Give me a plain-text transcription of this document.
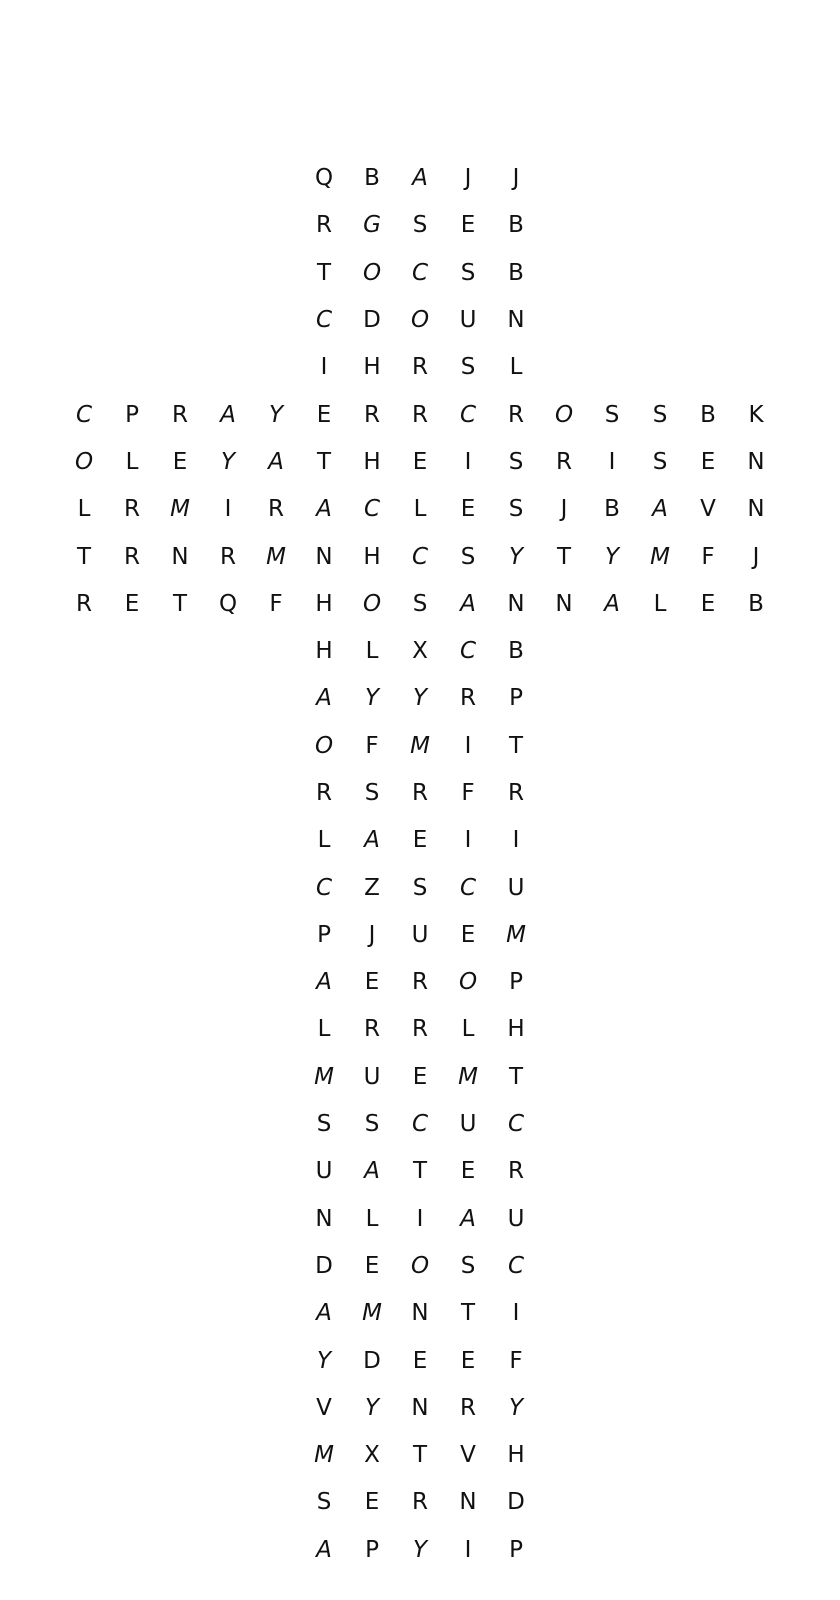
Q	B	A	J	J
R	G	S	E	B
T	O	C	S	B
C	D	O	U	N
I	H	R	S	L
C	P	R	A	Y	E	R	R	C	R	O	S	S	B	K
O	L	E	Y	A	T	H	E	I	S	R	I	S	E	N
L	R	M	I	R	A	C	L	E	S	J	B	A	V	N
T	R	N	R	M	N	H	C	S	Y	T	Y	M	F	J
R	E	T	Q	F	H	O	S	A	N	N	A	L	E	B
H	L	X	C	B
A	Y	Y	R	P
O	F	M	I	T
R	S	R	F	R
L	A	E	I	I
C	Z	S	C	U
P	J	U	E	M
A	E	R	O	P
L	R	R	L	H
M	U	E	M	T
S	S	C	U	C
U	A	T	E	R
N	L	I	A	U
D	E	O	S	C
A	M	N	T	I
Y	D	E	E	F
V	Y	N	R	Y
M	X	T	V	H
S	E	R	N	D
A	P	Y	I	P
